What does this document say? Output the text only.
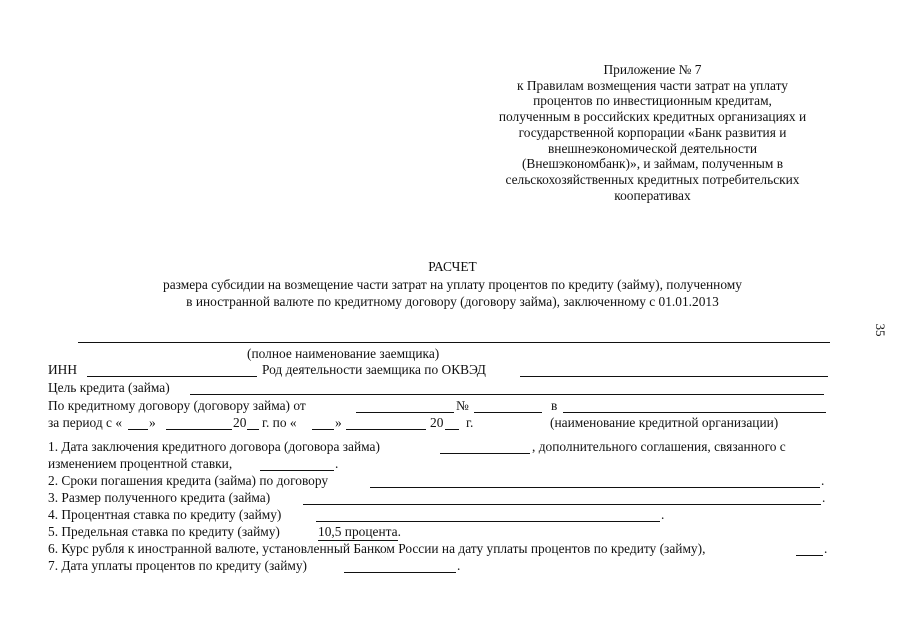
Приложение № 7
к Правилам возмещения части затрат на уплату
процентов по инвестиционным кредитам,
полученным в российских кредитных организациях и
государственной корпорации «Банк развития и
внешнеэкономической деятельности
(Внешэкономбанк)», и займам, полученным в
сельскохозяйственных кредитных потребительских
кооперативах
РАСЧЕТ
размера субсидии на возмещение части затрат на уплату процентов по кредиту (займу), полученному
в иностранной валюте по кредитному договору (договору займа), заключенному с 01.01.2013
(полное наименование заемщика)
ИНН	Род деятельности заемщика по ОКВЭД
Цель кредита (займа)
По кредитному договору (договору займа) от	№	в
за период с « »	20 г. по «	»	20 г.	(наименование кредитной организации)
1. Дата заключения кредитного договора (договора займа)	, дополнительного соглашения, связанного с
изменением процентной ставки,	.
2. Сроки погашения кредита (займа) по договору	.
3. Размер полученного кредита (займа)	.
4. Процентная ставка по кредиту (займу)	.
5. Предельная ставка по кредиту (займу)	10,5 процента.
6. Курс рубля к иностранной валюте, установленный Банком России на дату уплаты процентов по кредиту (займу),	.
7. Дата уплаты процентов по кредиту (займу)	.
35
